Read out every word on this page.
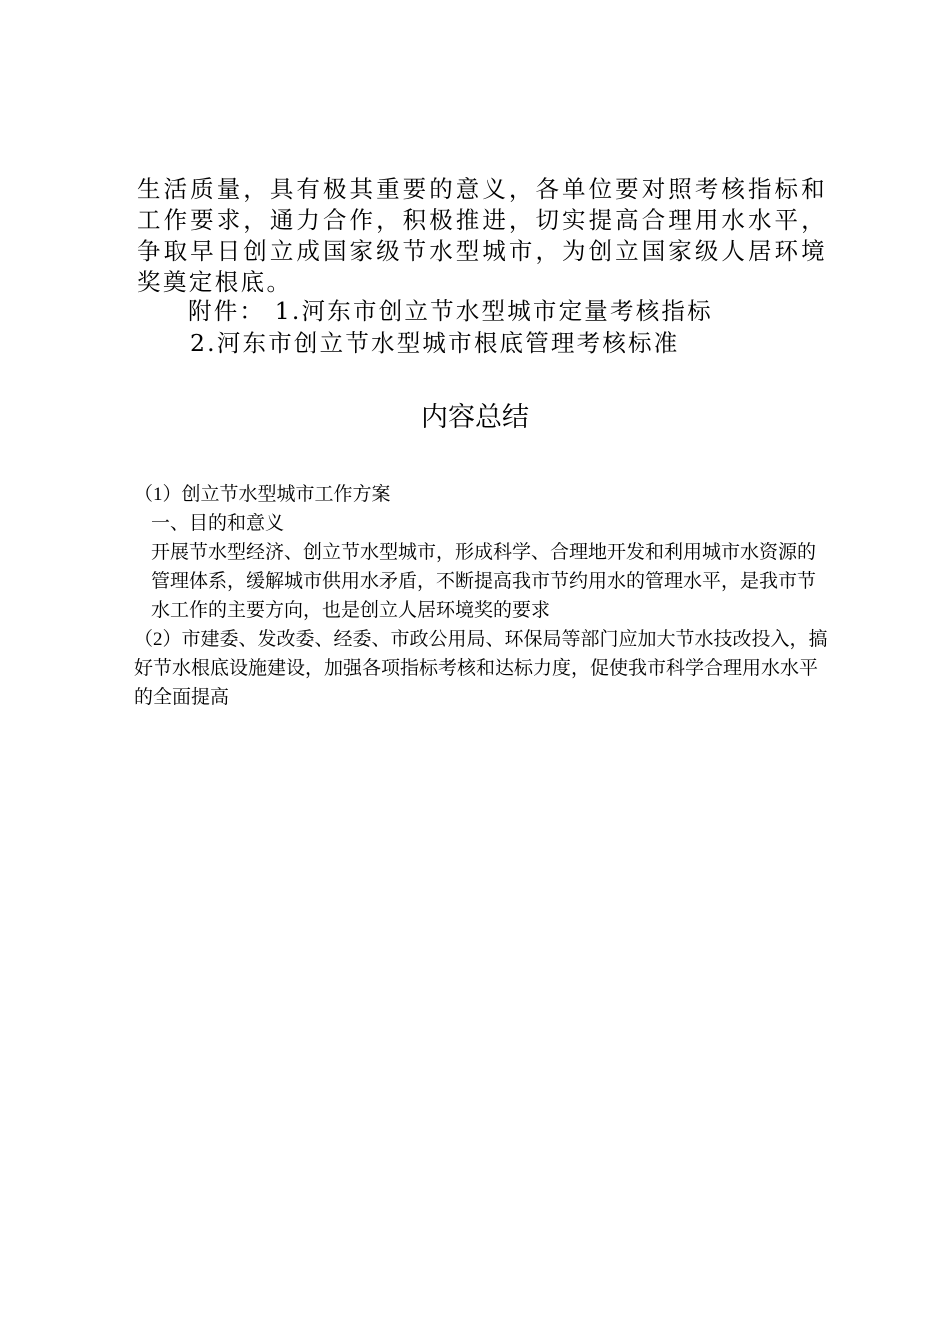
生活质量，具有极其重要的意义，各单位要对照考核指标和工作要求，通力合作，积极推进，切实提高合理用水水平，争取早日创立成国家级节水型城市，为创立国家级人居环境奖奠定根底。

附件： 1.河东市创立节水型城市定量考核指标

2.河东市创立节水型城市根底管理考核标准

内容总结

（1）创立节水型城市工作方案

一、目的和意义

开展节水型经济、创立节水型城市，形成科学、合理地开发和利用城市水资源的管理体系，缓解城市供用水矛盾，不断提高我市节约用水的管理水平，是我市节水工作的主要方向，也是创立人居环境奖的要求

（2）市建委、发改委、经委、市政公用局、环保局等部门应加大节水技改投入，搞好节水根底设施建设，加强各项指标考核和达标力度，促使我市科学合理用水水平的全面提高
